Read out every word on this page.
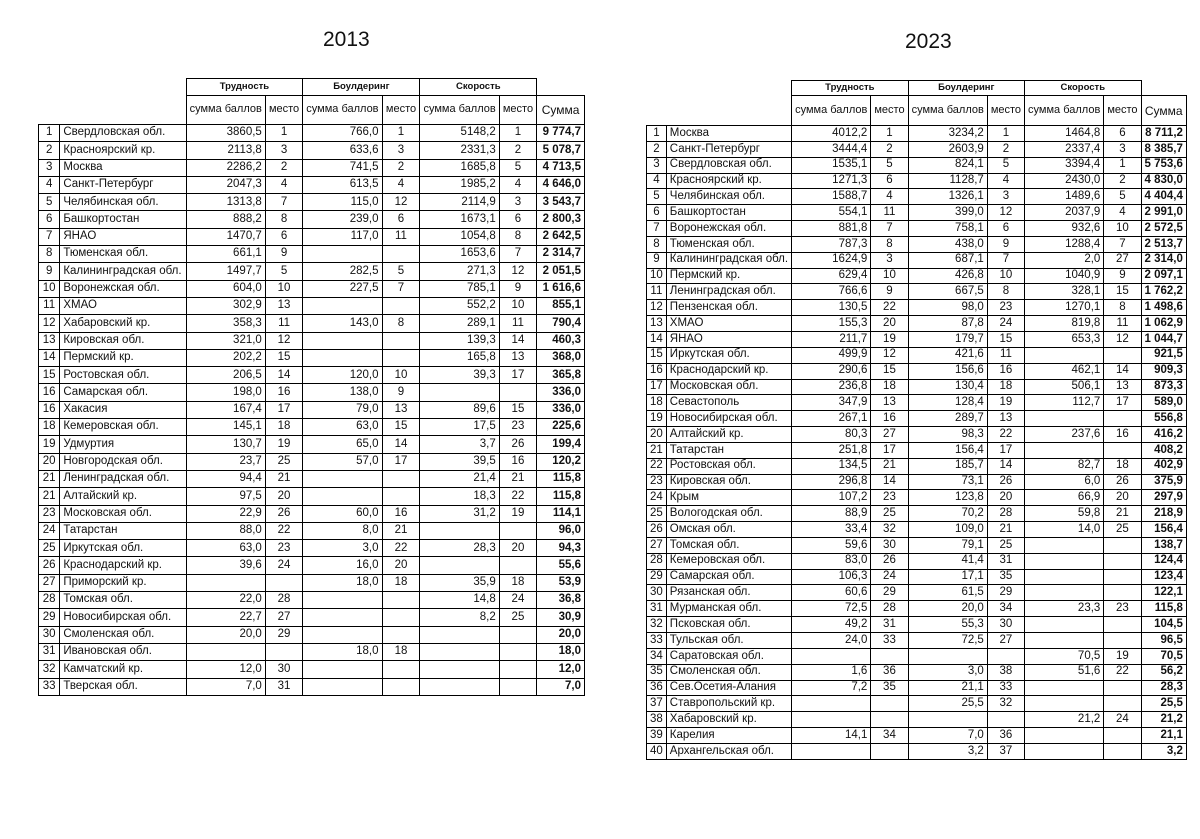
2013	2023
		Трудность		Боулдеринг		Скорость		
		сумма баллов	место	сумма баллов	место	сумма баллов	место	Сумма
1	Свердловская обл.	3860,5	1	766,0	1	5148,2	1	9 774,7
2	Красноярский кр.	2113,8	3	633,6	3	2331,3	2	5 078,7
3	Москва	2286,2	2	741,5	2	1685,8	5	4 713,5
4	Санкт-Петербург	2047,3	4	613,5	4	1985,2	4	4 646,0
5	Челябинская обл.	1313,8	7	115,0	12	2114,9	3	3 543,7
6	Башкортостан	888,2	8	239,0	6	1673,1	6	2 800,3
7	ЯНАО	1470,7	6	117,0	11	1054,8	8	2 642,5
8	Тюменская обл.	661,1	9			1653,6	7	2 314,7
9	Калининградская обл.	1497,7	5	282,5	5	271,3	12	2 051,5
10	Воронежская обл.	604,0	10	227,5	7	785,1	9	1 616,6
11	ХМАО	302,9	13			552,2	10	855,1
12	Хабаровский кр.	358,3	11	143,0	8	289,1	11	790,4
13	Кировская обл.	321,0	12			139,3	14	460,3
14	Пермский кр.	202,2	15			165,8	13	368,0
15	Ростовская обл.	206,5	14	120,0	10	39,3	17	365,8
16	Самарская обл.	198,0	16	138,0	9			336,0
16	Хакасия	167,4	17	79,0	13	89,6	15	336,0
18	Кемеровская обл.	145,1	18	63,0	15	17,5	23	225,6
19	Удмуртия	130,7	19	65,0	14	3,7	26	199,4
20	Новгородская обл.	23,7	25	57,0	17	39,5	16	120,2
21	Ленинградская обл.	94,4	21			21,4	21	115,8
21	Алтайский кр.	97,5	20			18,3	22	115,8
23	Московская обл.	22,9	26	60,0	16	31,2	19	114,1
24	Татарстан	88,0	22	8,0	21			96,0
25	Иркутская обл.	63,0	23	3,0	22	28,3	20	94,3
26	Краснодарский кр.	39,6	24	16,0	20			55,6
27	Приморский кр.			18,0	18	35,9	18	53,9
28	Томская обл.	22,0	28			14,8	24	36,8
29	Новосибирская обл.	22,7	27			8,2	25	30,9
30	Смоленская обл.	20,0	29					20,0
31	Ивановская обл.			18,0	18			18,0
32	Камчатский кр.	12,0	30					12,0
33	Тверская обл.	7,0	31					7,0
		Трудность		Боулдеринг		Скорость		
		сумма баллов	место	сумма баллов	место	сумма баллов	место	Сумма
1	Москва	4012,2	1	3234,2	1	1464,8	6	8 711,2
2	Санкт-Петербург	3444,4	2	2603,9	2	2337,4	3	8 385,7
3	Свердловская обл.	1535,1	5	824,1	5	3394,4	1	5 753,6
4	Красноярский кр.	1271,3	6	1128,7	4	2430,0	2	4 830,0
5	Челябинская обл.	1588,7	4	1326,1	3	1489,6	5	4 404,4
6	Башкортостан	554,1	11	399,0	12	2037,9	4	2 991,0
7	Воронежская обл.	881,8	7	758,1	6	932,6	10	2 572,5
8	Тюменская обл.	787,3	8	438,0	9	1288,4	7	2 513,7
9	Калининградская обл.	1624,9	3	687,1	7	2,0	27	2 314,0
10	Пермский кр.	629,4	10	426,8	10	1040,9	9	2 097,1
11	Ленинградская обл.	766,6	9	667,5	8	328,1	15	1 762,2
12	Пензенская обл.	130,5	22	98,0	23	1270,1	8	1 498,6
13	ХМАО	155,3	20	87,8	24	819,8	11	1 062,9
14	ЯНАО	211,7	19	179,7	15	653,3	12	1 044,7
15	Иркутская обл.	499,9	12	421,6	11			921,5
16	Краснодарский кр.	290,6	15	156,6	16	462,1	14	909,3
17	Московская обл.	236,8	18	130,4	18	506,1	13	873,3
18	Севастополь	347,9	13	128,4	19	112,7	17	589,0
19	Новосибирская обл.	267,1	16	289,7	13			556,8
20	Алтайский кр.	80,3	27	98,3	22	237,6	16	416,2
21	Татарстан	251,8	17	156,4	17			408,2
22	Ростовская обл.	134,5	21	185,7	14	82,7	18	402,9
23	Кировская обл.	296,8	14	73,1	26	6,0	26	375,9
24	Крым	107,2	23	123,8	20	66,9	20	297,9
25	Вологодская обл.	88,9	25	70,2	28	59,8	21	218,9
26	Омская обл.	33,4	32	109,0	21	14,0	25	156,4
27	Томская обл.	59,6	30	79,1	25			138,7
28	Кемеровская обл.	83,0	26	41,4	31			124,4
29	Самарская обл.	106,3	24	17,1	35			123,4
30	Рязанская обл.	60,6	29	61,5	29			122,1
31	Мурманская обл.	72,5	28	20,0	34	23,3	23	115,8
32	Псковская обл.	49,2	31	55,3	30			104,5
33	Тульская обл.	24,0	33	72,5	27			96,5
34	Саратовская обл.					70,5	19	70,5
35	Смоленская обл.	1,6	36	3,0	38	51,6	22	56,2
36	Сев.Осетия-Алания	7,2	35	21,1	33			28,3
37	Ставропольский кр.			25,5	32			25,5
38	Хабаровский кр.					21,2	24	21,2
39	Карелия	14,1	34	7,0	36			21,1
40	Архангельская обл.			3,2	37			3,2
